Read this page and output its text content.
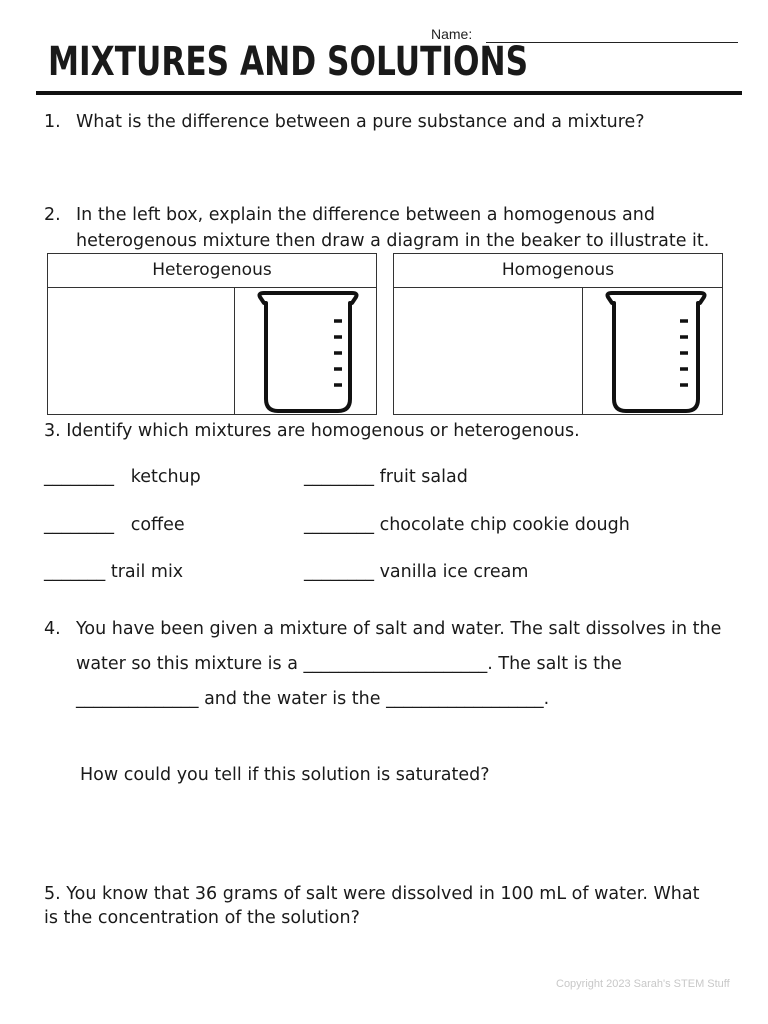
Name:
MIXTURES AND SOLUTIONS
1. What is the difference between a pure substance and a mixture?
2. In the left box, explain the difference between a homogenous and
heterogenous mixture then draw a diagram in the beaker to illustrate it.
Heterogenous	Homogenous
3. Identify which mixtures are homogenous or heterogenous.
________ ketchup	________ fruit salad
________ coffee	________ chocolate chip cookie dough
_______ trail mix	________ vanilla ice cream
4. You have been given a mixture of salt and water. The salt dissolves in the
water so this mixture is a _____________________. The salt is the
______________ and the water is the __________________.
How could you tell if this solution is saturated?
5. You know that 36 grams of salt were dissolved in 100 mL of water. What
is the concentration of the solution?
Copyright 2023 Sarah's STEM Stuff
